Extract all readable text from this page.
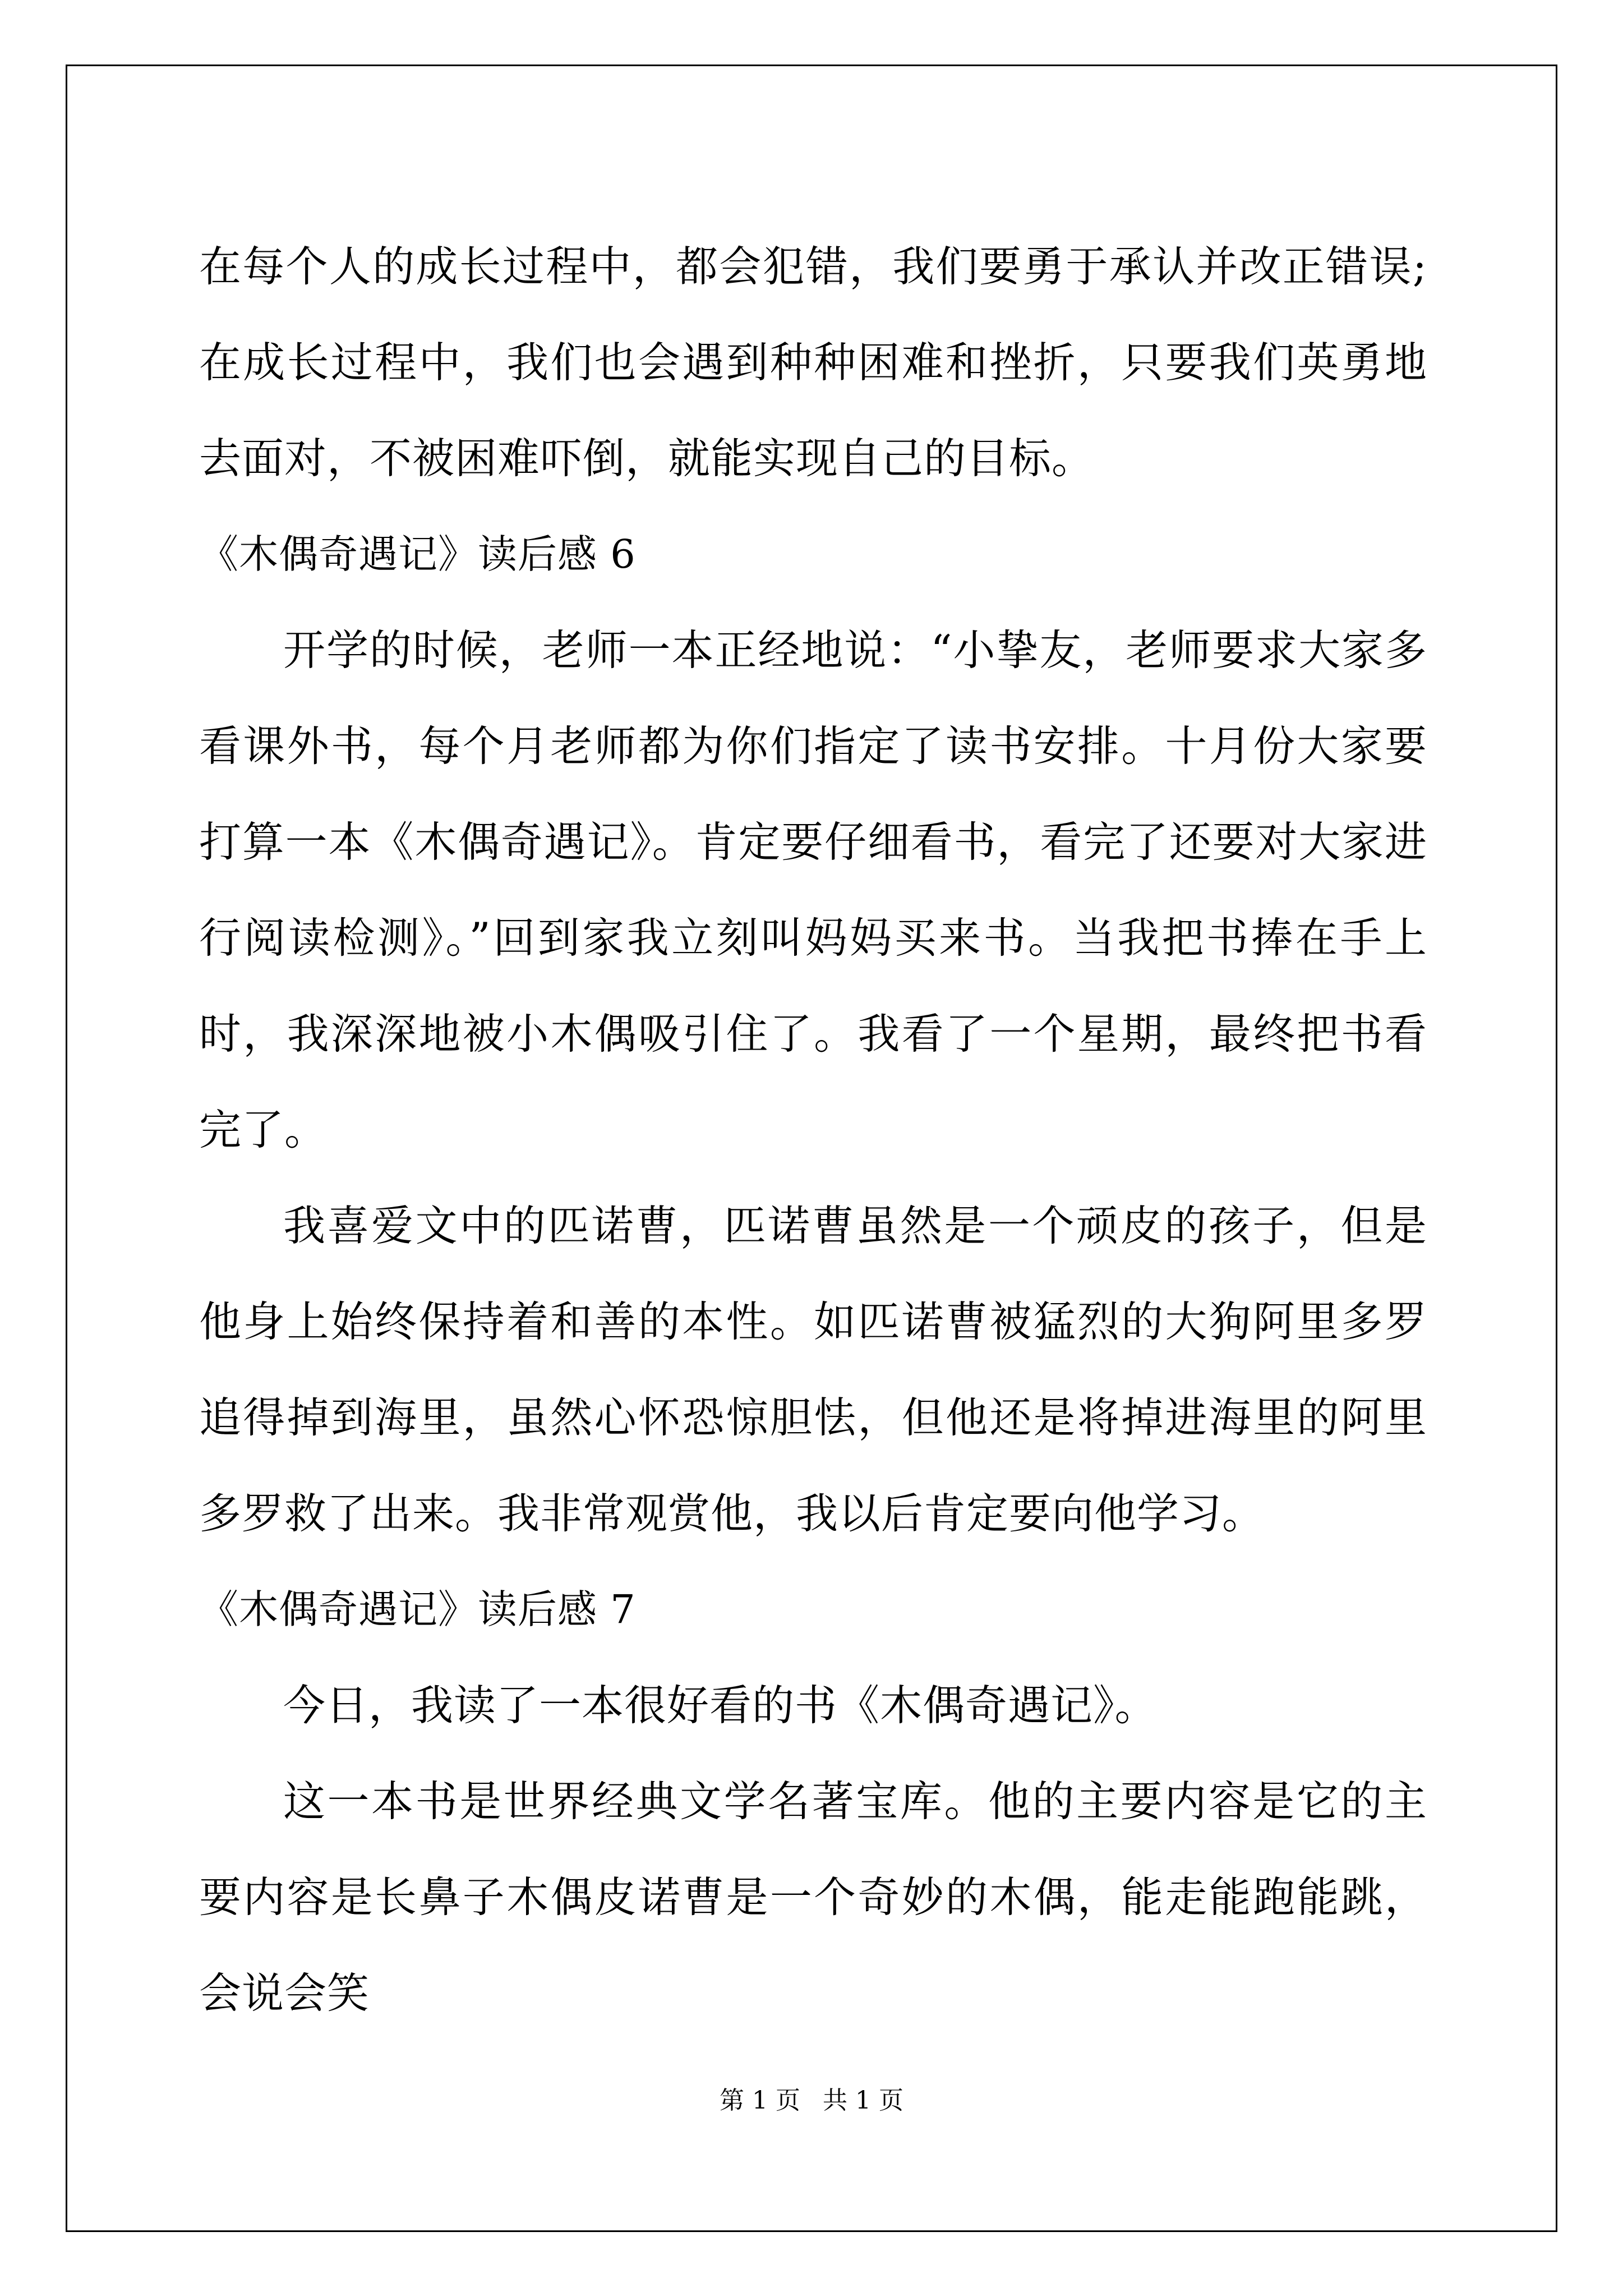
在每个人的成长过程中，都会犯错，我们要勇于承认并改正错误;在成长过程中，我们也会遇到种种困难和挫折，只要我们英勇地去面对，不被困难吓倒，就能实现自己的目标。

《木偶奇遇记》读后感 6

开学的时候，老师一本正经地说：“小挚友，老师要求大家多看课外书，每个月老师都为你们指定了读书安排。十月份大家要打算一本《木偶奇遇记》。肯定要仔细看书，看完了还要对大家进行阅读检测》。”回到家我立刻叫妈妈买来书。当我把书捧在手上时，我深深地被小木偶吸引住了。我看了一个星期，最终把书看完了。

我喜爱文中的匹诺曹，匹诺曹虽然是一个顽皮的孩子，但是他身上始终保持着和善的本性。如匹诺曹被猛烈的大狗阿里多罗追得掉到海里，虽然心怀恐惊胆怯，但他还是将掉进海里的阿里多罗救了出来。我非常观赏他，我以后肯定要向他学习。

《木偶奇遇记》读后感 7

今日，我读了一本很好看的书《木偶奇遇记》。

这一本书是世界经典文学名著宝库。他的主要内容是它的主要内容是长鼻子木偶皮诺曹是一个奇妙的木偶，能走能跑能跳，会说会笑

第 1 页 共 1 页
